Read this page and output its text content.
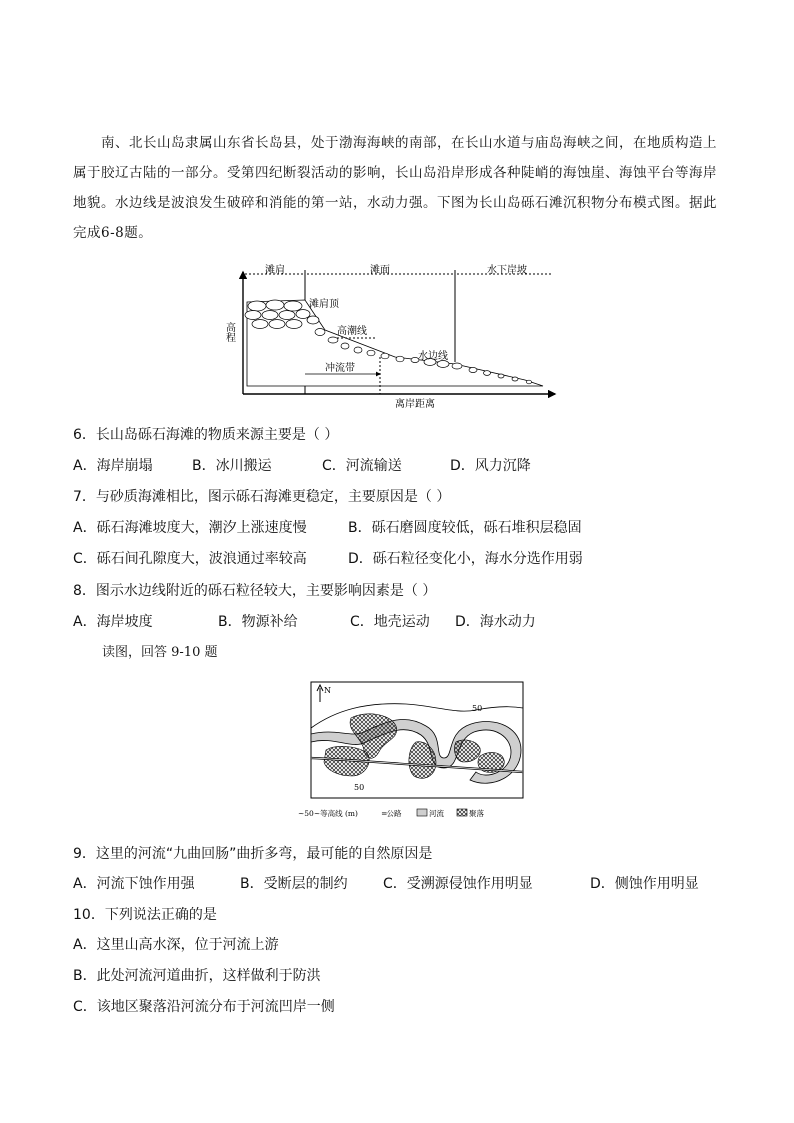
南、北长山岛隶属山东省长岛县，处于渤海海峡的南部，在长山水道与庙岛海峡之间，在地质构造上属于胶辽古陆的一部分。受第四纪断裂活动的影响，长山岛沿岸形成各种陡峭的海蚀崖、海蚀平台等海岸地貌。水边线是波浪发生破碎和消能的第一站，水动力强。下图为长山岛砾石滩沉积物分布模式图。据此完成6-8题。
滩肩	滩面	水下岸坡
滩肩顶
高潮线
水边线
冲流带
高程
离岸距离
6．长山岛砾石海滩的物质来源主要是（ ）
A．海岸崩塌	B．冰川搬运	C．河流输送	D．风力沉降
7．与砂质海滩相比，图示砾石海滩更稳定，主要原因是（ ）
A．砾石海滩坡度大，潮汐上涨速度慢	B．砾石磨圆度较低，砾石堆积层稳固
C．砾石间孔隙度大，波浪通过率较高	D．砾石粒径变化小，海水分选作用弱
8．图示水边线附近的砾石粒径较大，主要影响因素是（ ）
A．海岸坡度	B．物源补给	C．地壳运动 D．海水动力
读图，回答 9-10 题
N
50
50
~50~等高线 (m)	═公路	河流	聚落
9．这里的河流“九曲回肠”曲折多弯，最可能的自然原因是
A．河流下蚀作用强	B．受断层的制约	C．受溯源侵蚀作用明显	D．侧蚀作用明显
10．下列说法正确的是
A．这里山高水深，位于河流上游
B．此处河流河道曲折，这样做利于防洪
C．该地区聚落沿河流分布于河流凹岸一侧
